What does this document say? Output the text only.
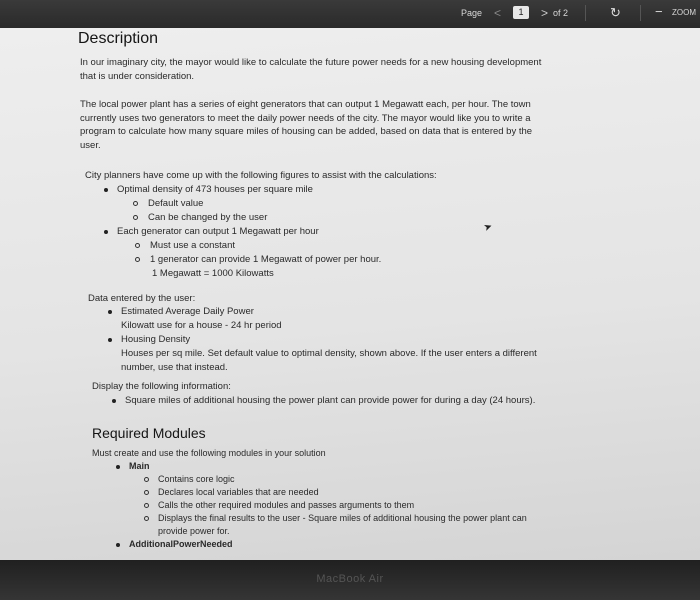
Page <	1	> of 2	↻	− ZOOM
Description
In our imaginary city, the mayor would like to calculate the future power needs for a new housing development
that is under consideration.
The local power plant has a series of eight generators that can output 1 Megawatt each, per hour. The town
currently uses two generators to meet the daily power needs of the city. The mayor would like you to write a
program to calculate how many square miles of housing can be added, based on data that is entered by the
user.
City planners have come up with the following figures to assist with the calculations:
Optimal density of 473 houses per square mile
Default value
Can be changed by the user
Each generator can output 1 Megawatt per hour
Must use a constant
1 generator can provide 1 Megawatt of power per hour.
1 Megawatt = 1000 Kilowatts
➤
Data entered by the user:
Estimated Average Daily Power
Kilowatt use for a house - 24 hr period
Housing Density
Houses per sq mile. Set default value to optimal density, shown above. If the user enters a different
number, use that instead.
Display the following information:
Square miles of additional housing the power plant can provide power for during a day (24 hours).
Required Modules
Must create and use the following modules in your solution
Main
Contains core logic
Declares local variables that are needed
Calls the other required modules and passes arguments to them
Displays the final results to the user - Square miles of additional housing the power plant can
provide power for.
AdditionalPowerNeeded
MacBook Air
